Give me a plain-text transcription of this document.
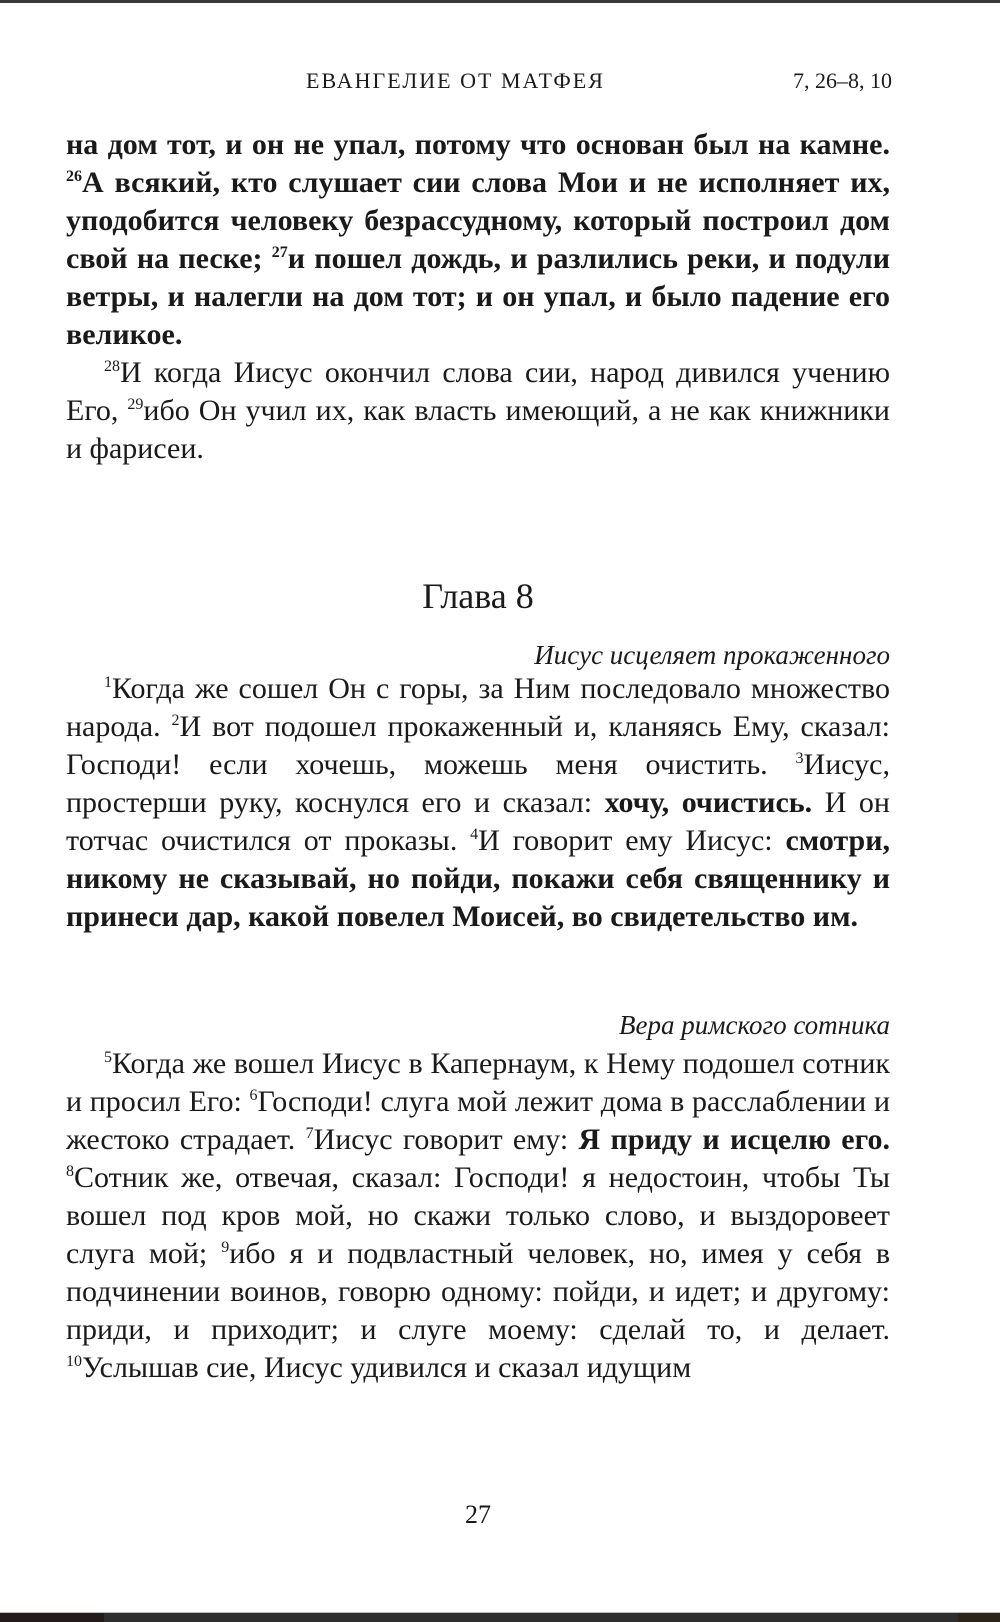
ЕВАНГЕЛИЕ ОТ МАТФЕЯ	7, 26–8, 10

на дом тот, и он не упал, потому что основан был на камне. $^{26}$А всякий, кто слушает сии слова Мои и не исполняет их, уподобится человеку безрассудному, который построил дом свой на песке; $^{27}$и пошел дождь, и разлились реки, и подули ветры, и налегли на дом тот; и он упал, и было падение его великое.

$^{28}$И когда Иисус окончил слова сии, народ дивился учению Его, $^{29}$ибо Он учил их, как власть имеющий, а не как книжники и фарисеи.

Глава 8
Иисус исцеляет прокаженного

$^1$Когда же сошел Он с горы, за Ним последовало множество народа. $^2$И вот подошел прокаженный и, кланяясь Ему, сказал: Господи! если хочешь, можешь меня очистить. $^3$Иисус, простерши руку, коснулся его и сказал: хочу, очистись. И он тотчас очистился от проказы. $^4$И говорит ему Иисус: смотри, никому не сказывай, но пойди, покажи себя священнику и принеси дар, какой повелел Моисей, во свидетельство им.

Вера римского сотника

$^5$Когда же вошел Иисус в Капернаум, к Нему подошел сотник и просил Его: $^6$Господи! слуга мой лежит дома в расслаблении и жестоко страдает. $^7$Иисус говорит ему: Я приду и исцелю его. $^8$Сотник же, отвечая, сказал: Господи! я недостоин, чтобы Ты вошел под кров мой, но скажи только слово, и выздоровеет слуга мой; $^9$ибо я и подвластный человек, но, имея у себя в подчинении воинов, говорю одному: пойди, и идет; и другому: приди, и приходит; и слуге моему: сделай то, и делает. $^{10}$Услышав сие, Иисус удивился и сказал идущим

27
